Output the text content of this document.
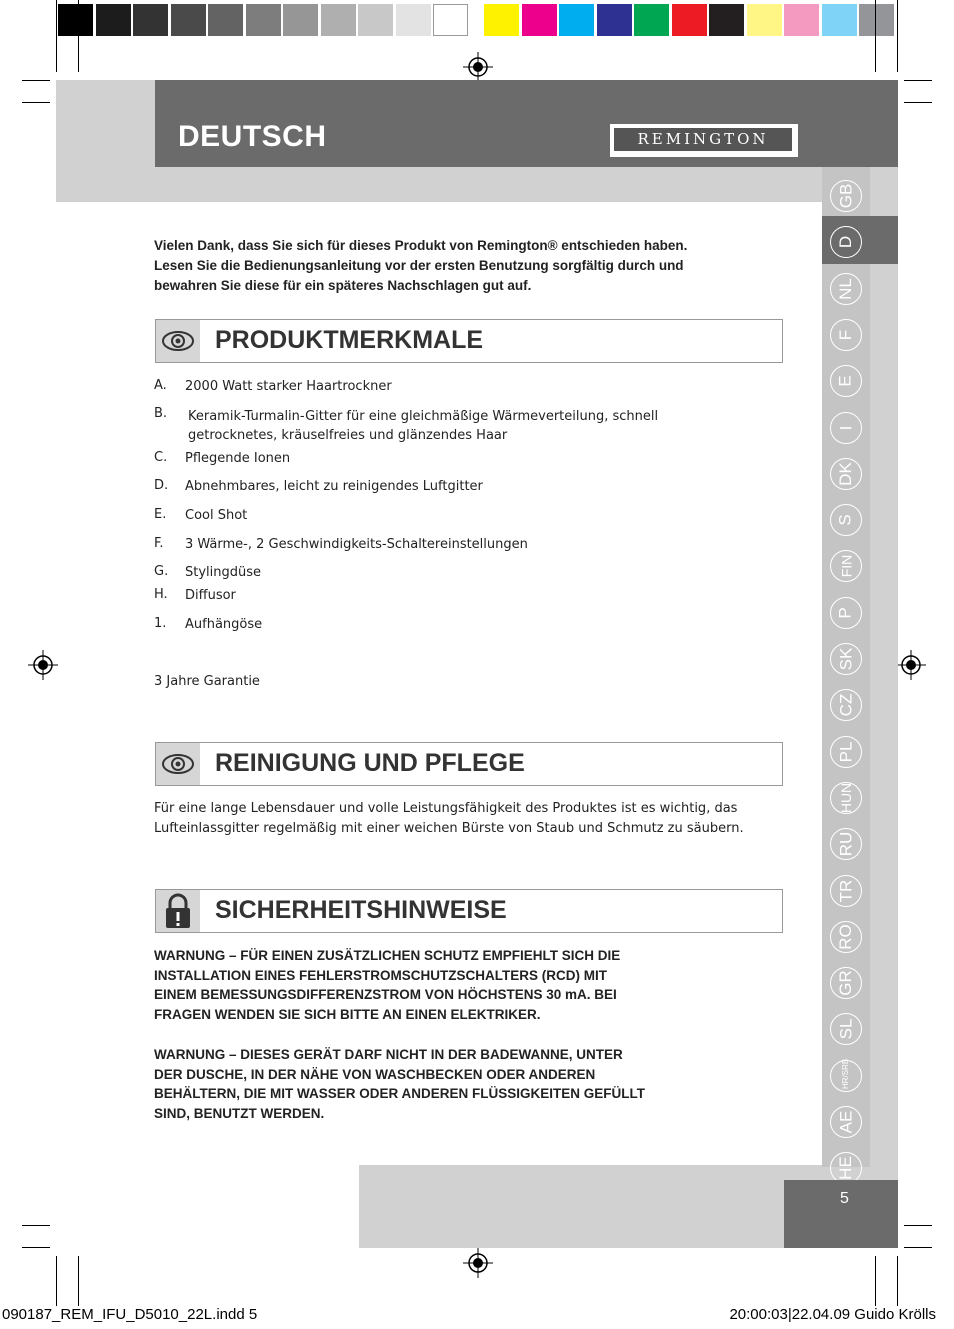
DEUTSCH	REMINGTON
GB
D
NL
F
E
I
DK
S
FIN
P
SK
CZ
PL
HUN
RU
TR
RO
GR
SL
HR/SRB
AE
HE
Vielen Dank, dass Sie sich für dieses Produkt von Remington® entschieden haben.
Lesen Sie die Bedienungsanleitung vor der ersten Benutzung sorgfältig durch und
bewahren Sie diese für ein späteres Nachschlagen gut auf.
PRODUKTMERKMALE
A. 2000 Watt starker Haartrockner
B. Keramik-Turmalin-Gitter für eine gleichmäßige Wärmeverteilung, schnell
getrocknetes, kräuselfreies und glänzendes Haar
C. Pflegende Ionen
D. Abnehmbares, leicht zu reinigendes Luftgitter
E. Cool Shot
F. 3 Wärme-, 2 Geschwindigkeits-Schaltereinstellungen
G. Stylingdüse
H. Diffusor
1. Aufhängöse
3 Jahre Garantie
REINIGUNG UND PFLEGE
Für eine lange Lebensdauer und volle Leistungsfähigkeit des Produktes ist es wichtig, das
Lufteinlassgitter regelmäßig mit einer weichen Bürste von Staub und Schmutz zu säubern.
SICHERHEITSHINWEISE
WARNUNG – FÜR EINEN ZUSÄTZLICHEN SCHUTZ EMPFIEHLT SICH DIE
INSTALLATION EINES FEHLERSTROMSCHUTZSCHALTERS (RCD) MIT
EINEM BEMESSUNGSDIFFERENZSTROM VON HÖCHSTENS 30 mA. BEI
FRAGEN WENDEN SIE SICH BITTE AN EINEN ELEKTRIKER.
WARNUNG – DIESES GERÄT DARF NICHT IN DER BADEWANNE, UNTER
DER DUSCHE, IN DER NÄHE VON WASCHBECKEN ODER ANDEREN
BEHÄLTERN, DIE MIT WASSER ODER ANDEREN FLÜSSIGKEITEN GEFÜLLT
SIND, BENUTZT WERDEN.
5
090187_REM_IFU_D5010_22L.indd 5	20:00:03|22.04.09 Guido Krölls
